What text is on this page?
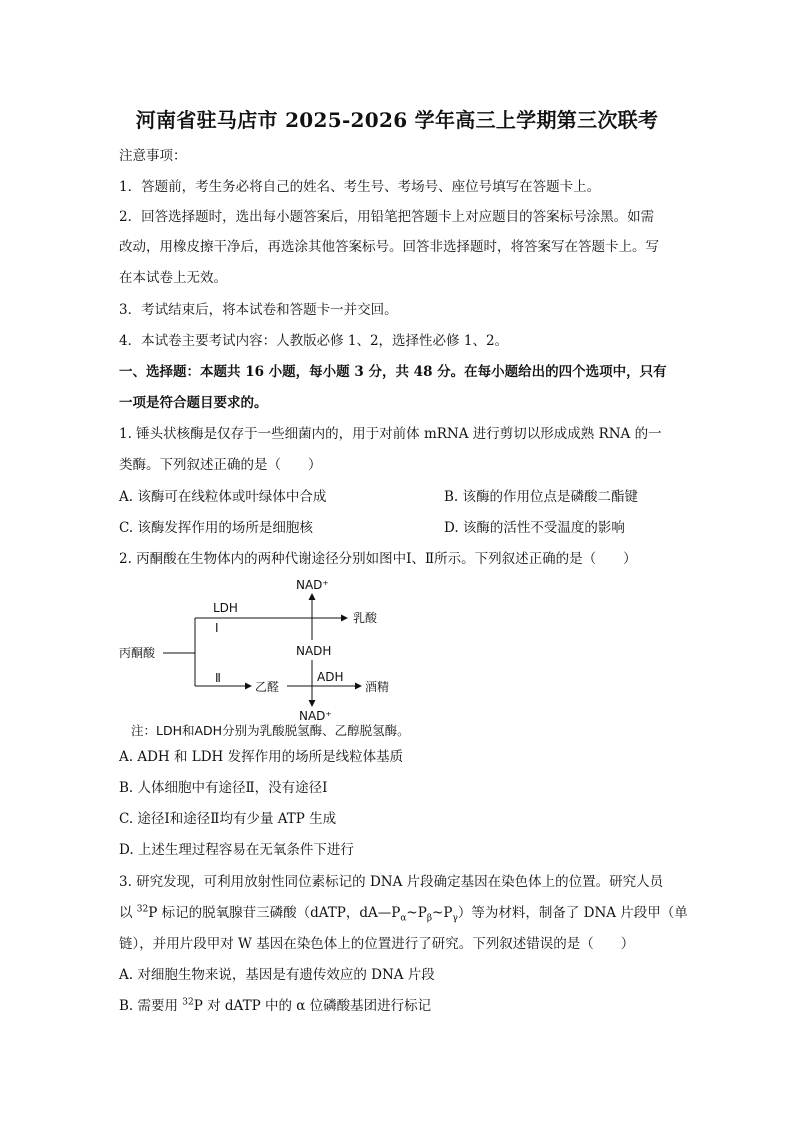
河南省驻马店市 2025-2026 学年高三上学期第三次联考
注意事项：
1．答题前，考生务必将自己的姓名、考生号、考场号、座位号填写在答题卡上。
2．回答选择题时，选出每小题答案后，用铅笔把答题卡上对应题目的答案标号涂黑。如需
改动，用橡皮擦干净后，再选涂其他答案标号。回答非选择题时，将答案写在答题卡上。写
在本试卷上无效。
3．考试结束后，将本试卷和答题卡一并交回。
4．本试卷主要考试内容：人教版必修 1、2，选择性必修 1、2。
一、选择题：本题共 16 小题，每小题 3 分，共 48 分。在每小题给出的四个选项中，只有
一项是符合题目要求的。
1. 锤头状核酶是仅存于一些细菌内的，用于对前体 mRNA 进行剪切以形成成熟 RNA 的一
类酶。下列叙述正确的是（　　）
A. 该酶可在线粒体或叶绿体中合成	B. 该酶的作用位点是磷酸二酯键
C. 该酶发挥作用的场所是细胞核	D. 该酶的活性不受温度的影响
2. 丙酮酸在生物体内的两种代谢途径分别如图中Ⅰ、Ⅱ所示。下列叙述正确的是（　　）
丙酮酸
LDH
Ⅰ
乳酸
NAD⁺
NADH
Ⅱ
乙醛
ADH
酒精
NAD⁺
注：LDH和ADH分别为乳酸脱氢酶、乙醇脱氢酶。
A. ADH 和 LDH 发挥作用的场所是线粒体基质
B. 人体细胞中有途径Ⅱ，没有途径Ⅰ
C. 途径Ⅰ和途径Ⅱ均有少量 ATP 生成
D. 上述生理过程容易在无氧条件下进行
3. 研究发现，可利用放射性同位素标记的 DNA 片段确定基因在染色体上的位置。研究人员
以 $^{32}$P 标记的脱氧腺苷三磷酸（dATP，$dA—P_\alpha\sim P_\beta\sim P_\gamma$）等为材料，制备了 DNA 片段甲（单
链），并用片段甲对 W 基因在染色体上的位置进行了研究。下列叙述错误的是（　　）
A. 对细胞生物来说，基因是有遗传效应的 DNA 片段
B. 需要用 $^{32}$P 对 dATP 中的 α 位磷酸基团进行标记
